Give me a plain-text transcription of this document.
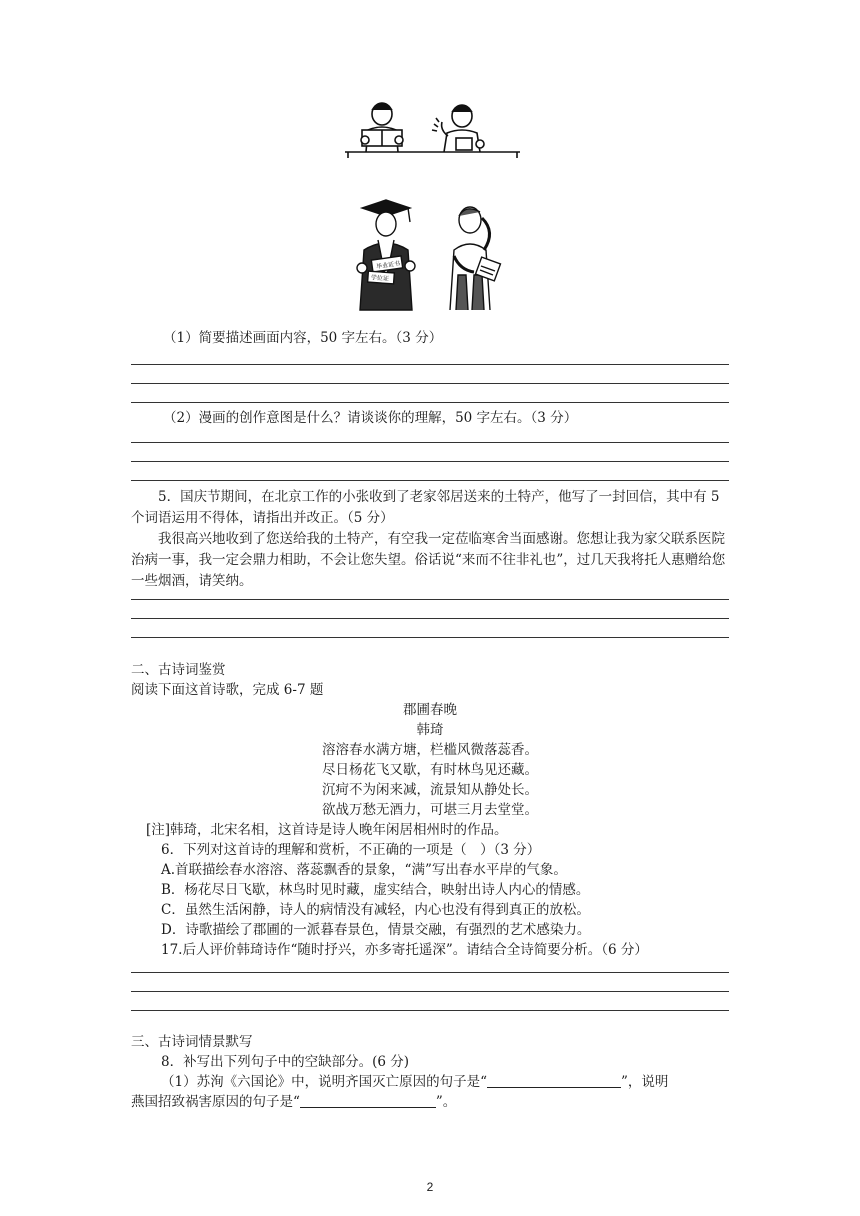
毕业证书
学位证
（1）简要描述画面内容，50 字左右。（3 分）
（2）漫画的创作意图是什么？请谈谈你的理解，50 字左右。（3 分）
5．国庆节期间，在北京工作的小张收到了老家邻居送来的土特产，他写了一封回信，其中有 5 个词语运用不得体，请指出并改正。（5 分）
我很高兴地收到了您送给我的土特产，有空我一定莅临寒舍当面感谢。您想让我为家父联系医院治病一事，我一定会鼎力相助，不会让您失望。俗话说“来而不往非礼也”，过几天我将托人惠赠给您一些烟酒，请笑纳。
二、古诗词鉴赏
阅读下面这首诗歌，完成 6-7 题
郡圃春晚
韩琦
溶溶春水满方塘，栏槛风微落蕊香。
尽日杨花飞又歇，有时林鸟见还藏。
沉疴不为闲来减，流景知从静处长。
欲战万愁无酒力，可堪三月去堂堂。
[注]韩琦，北宋名相，这首诗是诗人晚年闲居相州时的作品。
6．下列对这首诗的理解和赏析，不正确的一项是（　）（3 分）
A.首联描绘春水溶溶、落蕊飘香的景象，“满”写出春水平岸的气象。
B．杨花尽日飞歇，林鸟时见时藏，虚实结合，映射出诗人内心的情感。
C．虽然生活闲静，诗人的病情没有减轻，内心也没有得到真正的放松。
D．诗歌描绘了郡圃的一派暮春景色，情景交融，有强烈的艺术感染力。
17.后人评价韩琦诗作“随时抒兴，亦多寄托遥深”。请结合全诗简要分析。（6 分）
三、古诗词情景默写
8．补写出下列句子中的空缺部分。(6 分)
（1）苏洵《六国论》中，说明齐国灭亡原因的句子是“	”，说明
燕国招致祸害原因的句子是“	”。
2
